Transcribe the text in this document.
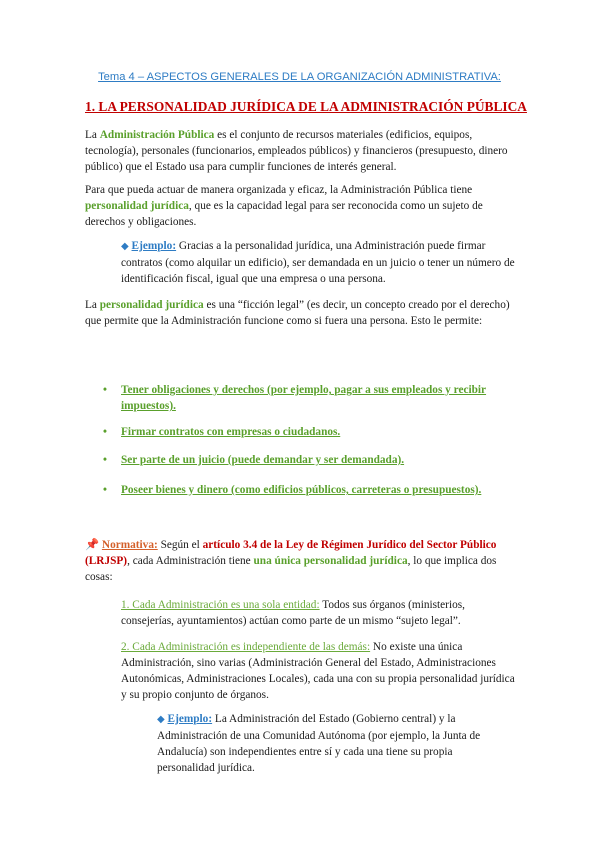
Tema 4 – ASPECTOS GENERALES DE LA ORGANIZACIÓN ADMINISTRATIVA:
1. LA PERSONALIDAD JURÍDICA DE LA ADMINISTRACIÓN PÚBLICA
La Administración Pública es el conjunto de recursos materiales (edificios, equipos, tecnología), personales (funcionarios, empleados públicos) y financieros (presupuesto, dinero público) que el Estado usa para cumplir funciones de interés general.
Para que pueda actuar de manera organizada y eficaz, la Administración Pública tiene personalidad jurídica, que es la capacidad legal para ser reconocida como un sujeto de derechos y obligaciones.
◆ Ejemplo: Gracias a la personalidad jurídica, una Administración puede firmar contratos (como alquilar un edificio), ser demandada en un juicio o tener un número de identificación fiscal, igual que una empresa o una persona.
La personalidad jurídica es una “ficción legal” (es decir, un concepto creado por el derecho) que permite que la Administración funcione como si fuera una persona. Esto le permite:
• Tener obligaciones y derechos (por ejemplo, pagar a sus empleados y recibir impuestos).
• Firmar contratos con empresas o ciudadanos.
• Ser parte de un juicio (puede demandar y ser demandada).
• Poseer bienes y dinero (como edificios públicos, carreteras o presupuestos).
📌 Normativa: Según el artículo 3.4 de la Ley de Régimen Jurídico del Sector Público (LRJSP), cada Administración tiene una única personalidad jurídica, lo que implica dos cosas:
1. Cada Administración es una sola entidad: Todos sus órganos (ministerios, consejerías, ayuntamientos) actúan como parte de un mismo “sujeto legal”.
2. Cada Administración es independiente de las demás: No existe una única Administración, sino varias (Administración General del Estado, Administraciones Autonómicas, Administraciones Locales), cada una con su propia personalidad jurídica y su propio conjunto de órganos.
◆ Ejemplo: La Administración del Estado (Gobierno central) y la Administración de una Comunidad Autónoma (por ejemplo, la Junta de Andalucía) son independientes entre sí y cada una tiene su propia personalidad jurídica.
